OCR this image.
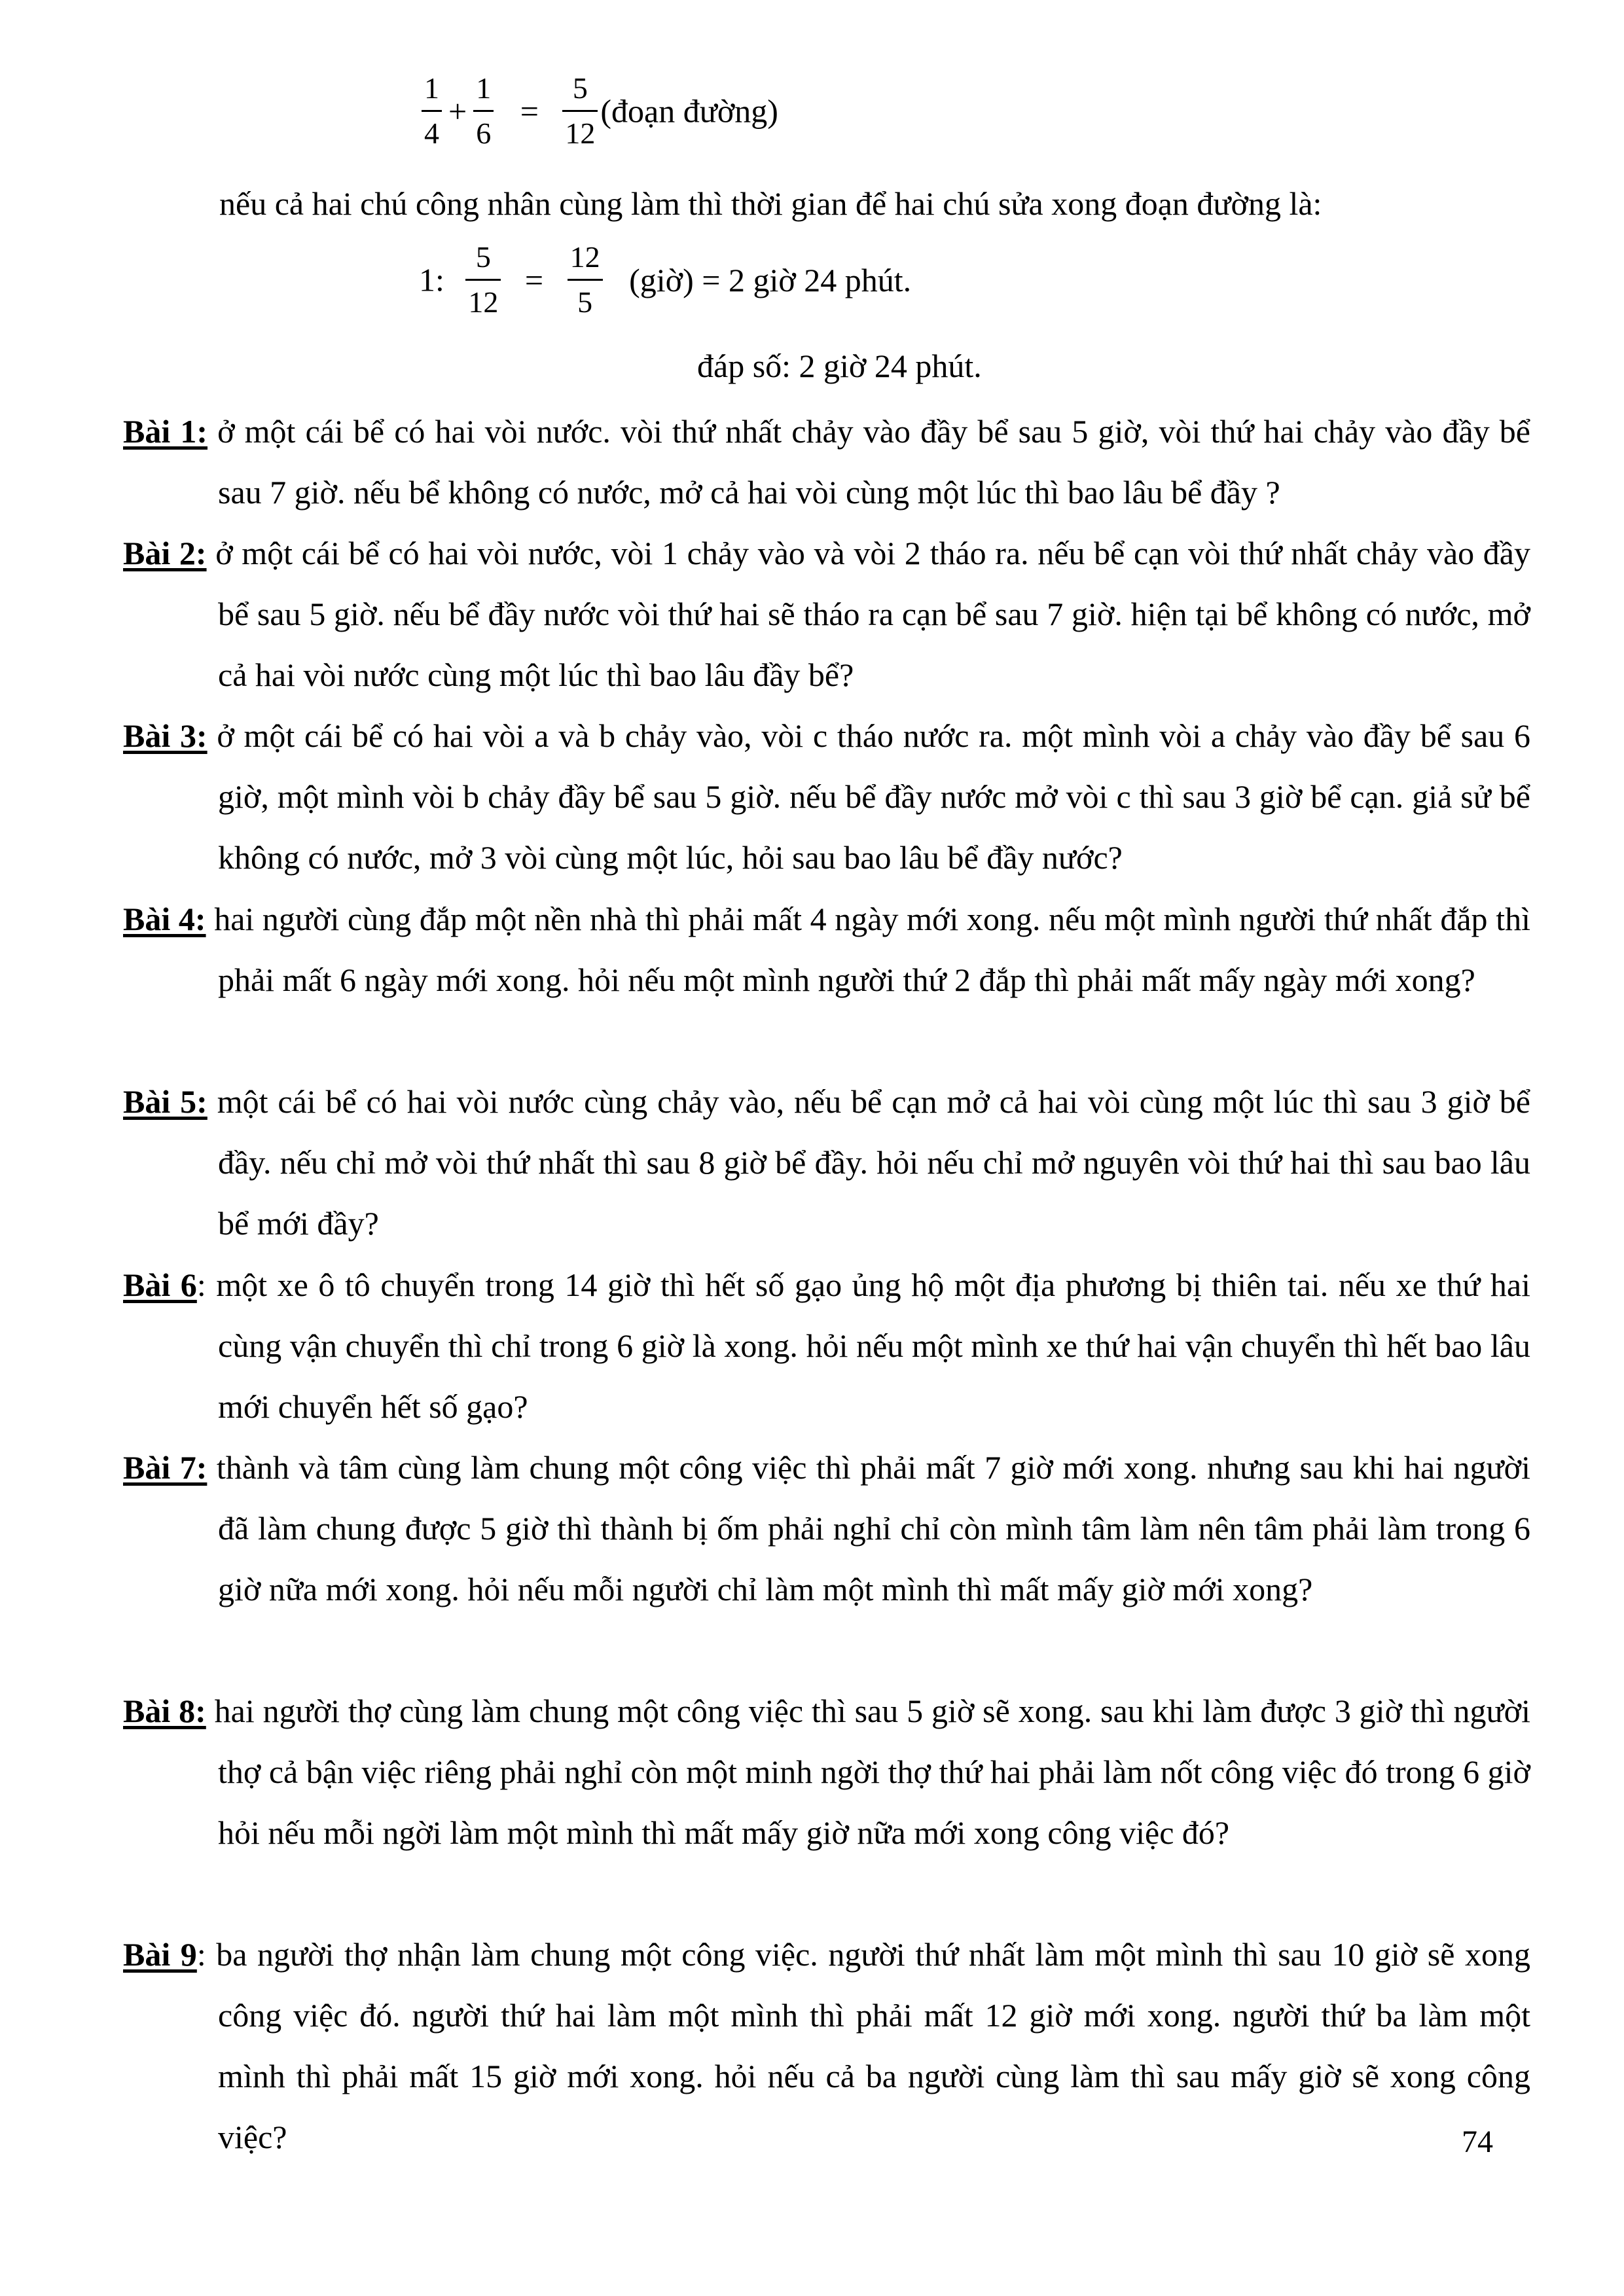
$\frac{1}{4} + \frac{1}{6} = \frac{5}{12}$ (đoạn đường)
nếu cả hai chú công nhân cùng làm thì thời gian để hai chú sửa xong đoạn đường là:
1: $\frac{5}{12} = \frac{12}{5}$ (giờ) = 2 giờ 24 phút.
đáp số: 2 giờ 24 phút.

Bài 1: ở một cái bể có hai vòi nước. vòi thứ nhất chảy vào đầy bể sau 5 giờ, vòi thứ hai chảy vào đầy bể sau 7 giờ. nếu bể không có nước, mở cả hai vòi cùng một lúc thì bao lâu bể đầy ?

Bài 2: ở một cái bể có hai vòi nước, vòi 1 chảy vào và vòi 2 tháo ra. nếu bể cạn vòi thứ nhất chảy vào đầy bể sau 5 giờ. nếu bể đầy nước vòi thứ hai sẽ tháo ra cạn bể sau 7 giờ. hiện tại bể không có nước, mở cả hai vòi nước cùng một lúc thì bao lâu đầy bể?

Bài 3: ở một cái bể có hai vòi a và b chảy vào, vòi c tháo nước ra. một mình vòi a chảy vào đầy bể sau 6 giờ, một mình vòi b chảy đầy bể sau 5 giờ. nếu bể đầy nước mở vòi c thì sau 3 giờ bể cạn. giả sử bể không có nước, mở 3 vòi cùng một lúc, hỏi sau bao lâu bể đầy nước?

Bài 4: hai người cùng đắp một nền nhà thì phải mất 4 ngày mới xong. nếu một mình người thứ nhất đắp thì phải mất 6 ngày mới xong. hỏi nếu một mình người thứ 2 đắp thì phải mất mấy ngày mới xong?

Bài 5: một cái bể có hai vòi nước cùng chảy vào, nếu bể cạn mở cả hai vòi cùng một lúc thì sau 3 giờ bể đầy. nếu chỉ mở vòi thứ nhất thì sau 8 giờ bể đầy. hỏi nếu chỉ mở nguyên vòi thứ hai thì sau bao lâu bể mới đầy?

Bài 6: một xe ô tô chuyển trong 14 giờ thì hết số gạo ủng hộ một địa phương bị thiên tai. nếu xe thứ hai cùng vận chuyển thì chỉ trong 6 giờ là xong. hỏi nếu một mình xe thứ hai vận chuyển thì hết bao lâu mới chuyển hết số gạo?

Bài 7: thành và tâm cùng làm chung một công việc thì phải mất 7 giờ mới xong. nhưng sau khi hai người đã làm chung được 5 giờ thì thành bị ốm phải nghỉ chỉ còn mình tâm làm nên tâm phải làm trong 6 giờ nữa mới xong. hỏi nếu mỗi người chỉ làm một mình thì mất mấy giờ mới xong?

Bài 8: hai người thợ cùng làm chung một công việc thì sau 5 giờ sẽ xong. sau khi làm được 3 giờ thì người thợ cả bận việc riêng phải nghỉ còn một minh ngời thợ thứ hai phải làm nốt công việc đó trong 6 giờ hỏi nếu mỗi ngời làm một mình thì mất mấy giờ nữa mới xong công việc đó?

Bài 9: ba người thợ nhận làm chung một công việc. người thứ nhất làm một mình thì sau 10 giờ sẽ xong công việc đó. người thứ hai làm một mình thì phải mất 12 giờ mới xong. người thứ ba làm một mình thì phải mất 15 giờ mới xong. hỏi nếu cả ba người cùng làm thì sau mấy giờ sẽ xong công việc?	74
